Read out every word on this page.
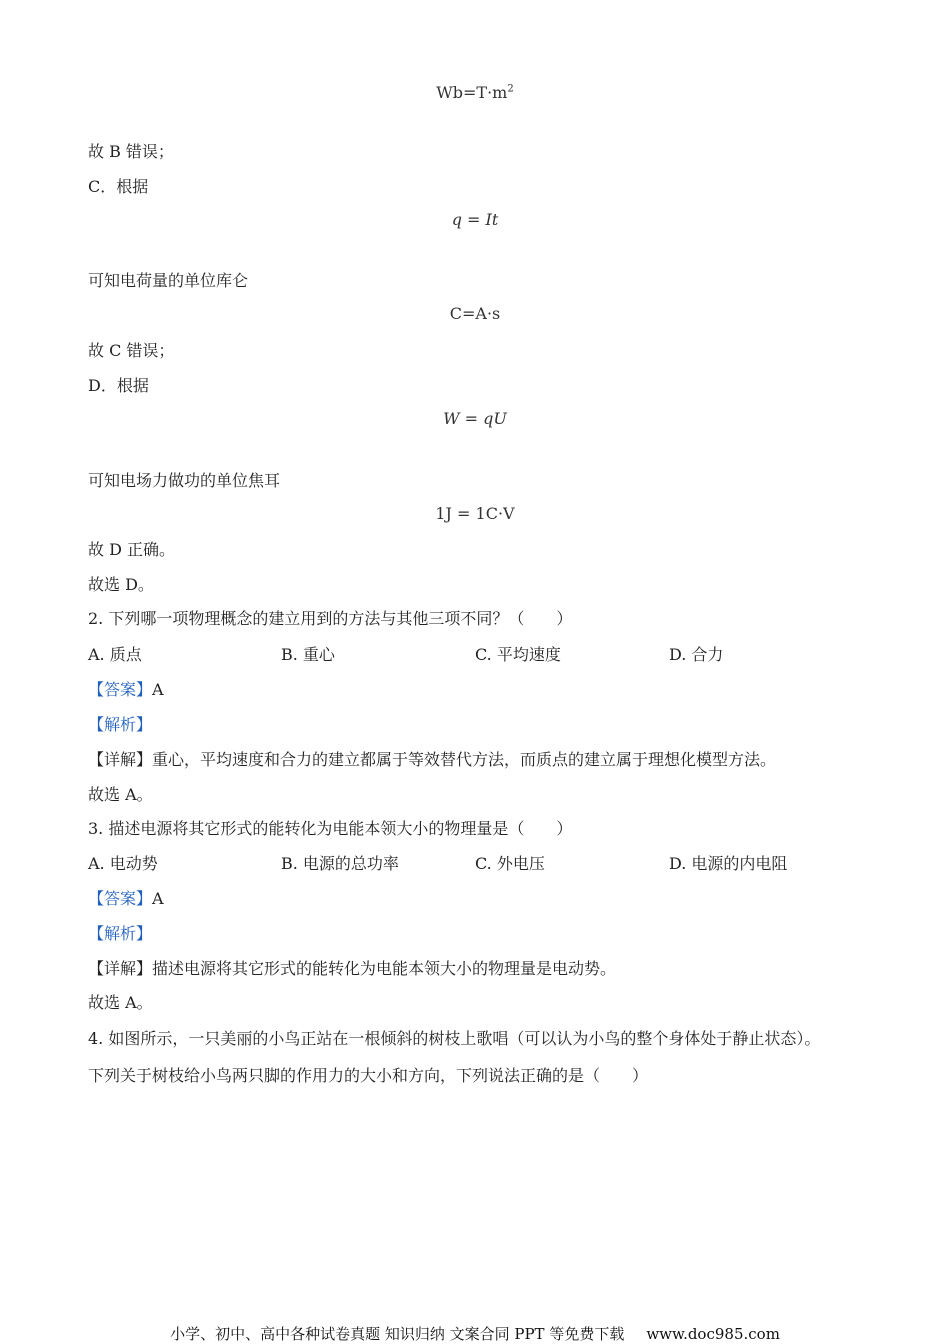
$Wb=T\cdot m^2$
故 B 错误；
C．根据
q = It
可知电荷量的单位库仑
C=A·s
故 C 错误；
D．根据
W = qU
可知电场力做功的单位焦耳
1J = 1C·V
故 D 正确。
故选 D。
2. 下列哪一项物理概念的建立用到的方法与其他三项不同？（　　）
A. 质点	B. 重心	C. 平均速度	D. 合力
【答案】A
【解析】
【详解】重心，平均速度和合力的建立都属于等效替代方法，而质点的建立属于理想化模型方法。
故选 A。
3. 描述电源将其它形式的能转化为电能本领大小的物理量是（　　）
A. 电动势	B. 电源的总功率	C. 外电压	D. 电源的内电阻
【答案】A
【解析】
【详解】描述电源将其它形式的能转化为电能本领大小的物理量是电动势。
故选 A。
4. 如图所示，一只美丽的小鸟正站在一根倾斜的树枝上歌唱（可以认为小鸟的整个身体处于静止状态）。
下列关于树枝给小鸟两只脚的作用力的大小和方向，下列说法正确的是（　　）
小学、初中、高中各种试卷真题 知识归纳 文案合同 PPT 等免费下载 www.doc985.com
